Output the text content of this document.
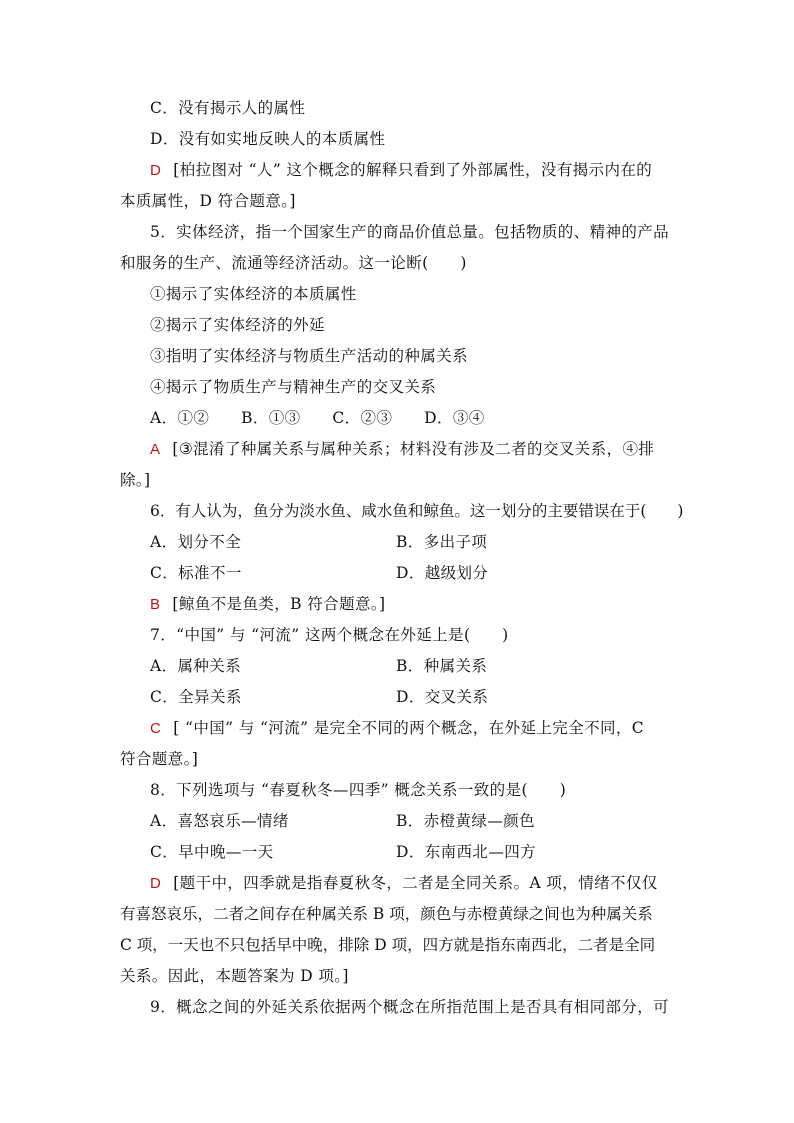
C．没有揭示人的属性
D．没有如实地反映人的本质属性
D [柏拉图对 “人” 这个概念的解释只看到了外部属性，没有揭示内在的
本质属性，D 符合题意。]
5．实体经济，指一个国家生产的商品价值总量。包括物质的、精神的产品
和服务的生产、流通等经济活动。这一论断(　　)
①揭示了实体经济的本质属性
②揭示了实体经济的外延
③指明了实体经济与物质生产活动的种属关系
④揭示了物质生产与精神生产的交叉关系
A．①②　　B．①③　　C．②③　　D．③④
A [③混淆了种属关系与属种关系；材料没有涉及二者的交叉关系，④排
除。]
6．有人认为，鱼分为淡水鱼、咸水鱼和鲸鱼。这一划分的主要错误在于(　　)
A．划分不全	B．多出子项
C．标准不一	D．越级划分
B [鲸鱼不是鱼类，B 符合题意。]
7．“中国” 与 “河流” 这两个概念在外延上是(　　)
A．属种关系	B．种属关系
C．全异关系	D．交叉关系
C [ “中国” 与 “河流” 是完全不同的两个概念，在外延上完全不同，C
符合题意。]
8．下列选项与 “春夏秋冬—四季” 概念关系一致的是(　　)
A．喜怒哀乐—情绪	B．赤橙黄绿—颜色
C．早中晚—一天	D．东南西北—四方
D [题干中，四季就是指春夏秋冬，二者是全同关系。A 项，情绪不仅仅
有喜怒哀乐，二者之间存在种属关系 B 项，颜色与赤橙黄绿之间也为种属关系
C 项，一天也不只包括早中晚，排除 D 项，四方就是指东南西北，二者是全同
关系。因此，本题答案为 D 项。]
9．概念之间的外延关系依据两个概念在所指范围上是否具有相同部分，可
